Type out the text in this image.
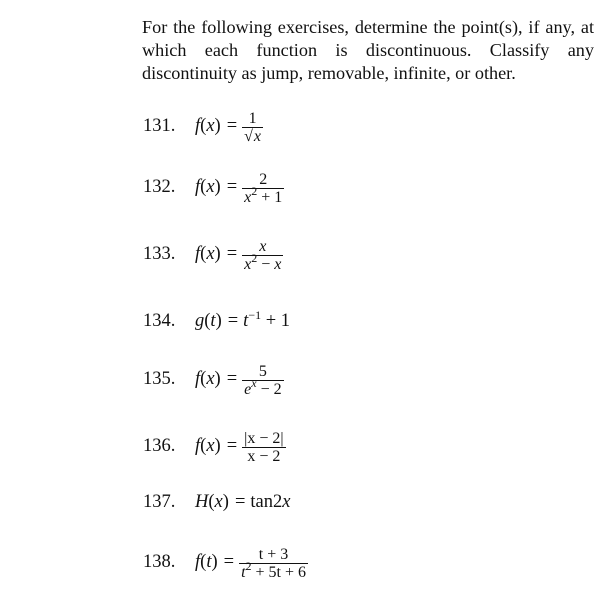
For the following exercises, determine the point(s), if any, at which each function is discontinuous. Classify any discontinuity as jump, removable, infinite, or other.

131.	$f(x) = \frac{1}{√x}$
132.	$f(x) = \frac{2}{x^2 + 1}$
133.	$f(x) = \frac{x}{x^2 - x}$
134.	$g(t) = t^{-1} + 1$
135.	$f(x) = \frac{5}{e^x - 2}$
136.	$f(x) = \frac{|x - 2|}{x - 2}$
137.	H(x) = tan2x
138.	$f(t) = \frac{t + 3}{t^2 + 5t + 6}$
